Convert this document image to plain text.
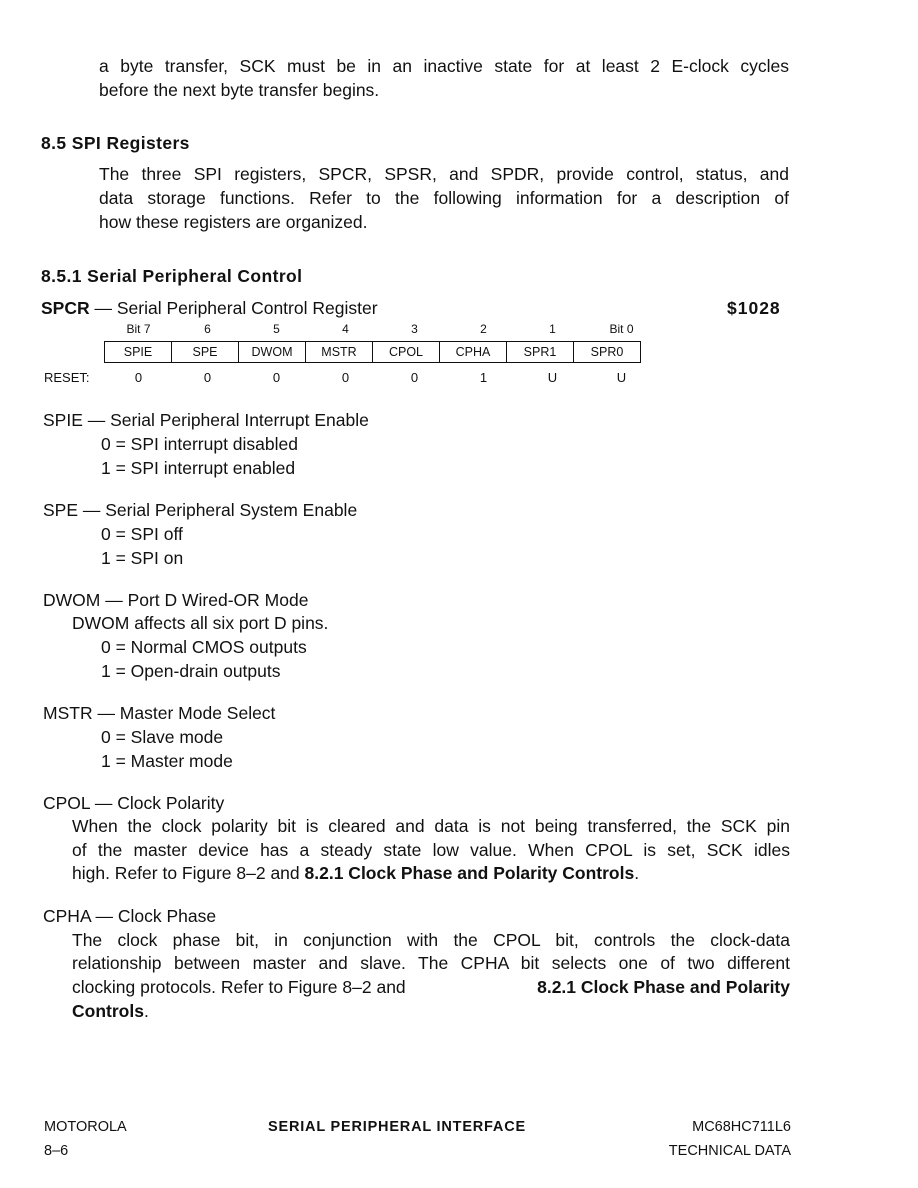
a byte transfer, SCK must be in an inactive state for at least 2 E-clock cycles
before the next byte transfer begins.
8.5 SPI Registers
The three SPI registers, SPCR, SPSR, and SPDR, provide control, status, and
data storage functions. Refer to the following information for a description of
how these registers are organized.
8.5.1 Serial Peripheral Control
SPCR — Serial Peripheral Control Register	$1028
Bit 7	6	5	4	3	2	1	Bit 0
SPIE	SPE	DWOM	MSTR	CPOL	CPHA	SPR1	SPR0
RESET:	0	0	0	0	0	1	U	U
SPIE — Serial Peripheral Interrupt Enable
0 = SPI interrupt disabled
1 = SPI interrupt enabled
SPE — Serial Peripheral System Enable
0 = SPI off
1 = SPI on
DWOM — Port D Wired-OR Mode
DWOM affects all six port D pins.
0 = Normal CMOS outputs
1 = Open-drain outputs
MSTR — Master Mode Select
0 = Slave mode
1 = Master mode
CPOL — Clock Polarity
When the clock polarity bit is cleared and data is not being transferred, the SCK pin
of the master device has a steady state low value. When CPOL is set, SCK idles
high. Refer to Figure 8–2 and 8.2.1 Clock Phase and Polarity Controls.
CPHA — Clock Phase
The clock phase bit, in conjunction with the CPOL bit, controls the clock-data
relationship between master and slave. The CPHA bit selects one of two different
clocking protocols. Refer to Figure 8–2 and	8.2.1 Clock Phase and Polarity
Controls.
MOTOROLA
8–6
SERIAL PERIPHERAL INTERFACE	MC68HC711L6
TECHNICAL DATA
